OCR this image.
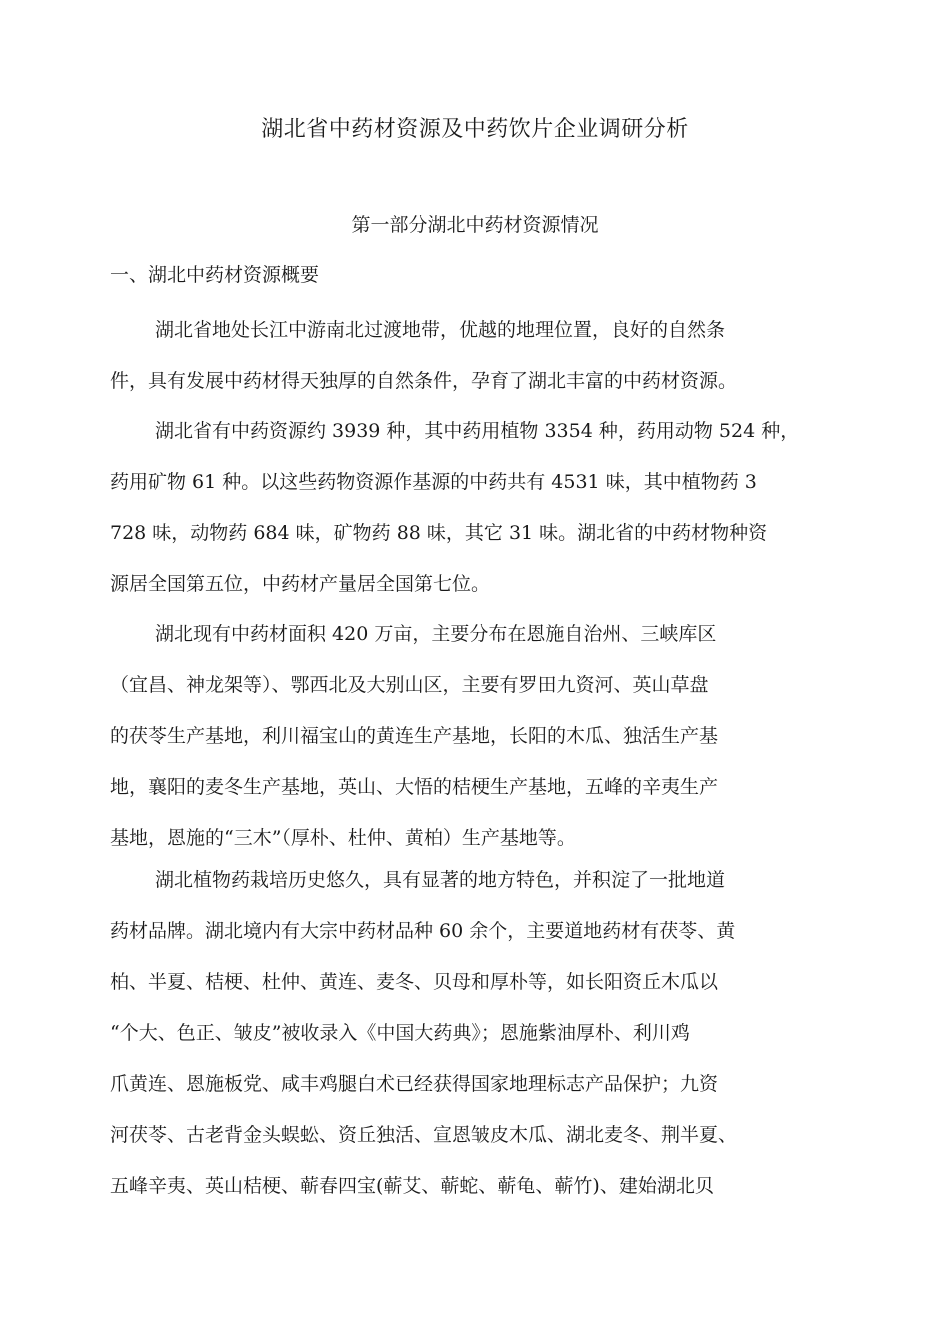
湖北省中药材资源及中药饮片企业调研分析
第一部分湖北中药材资源情况
一、湖北中药材资源概要
湖北省地处长江中游南北过渡地带，优越的地理位置，良好的自然条
件，具有发展中药材得天独厚的自然条件，孕育了湖北丰富的中药材资源。
湖北省有中药资源约 3939 种，其中药用植物 3354 种，药用动物 524 种，
药用矿物 61 种。以这些药物资源作基源的中药共有 4531 味，其中植物药 3
728 味，动物药 684 味，矿物药 88 味，其它 31 味。湖北省的中药材物种资
源居全国第五位，中药材产量居全国第七位。
湖北现有中药材面积 420 万亩，主要分布在恩施自治州、三峡库区
（宜昌、神龙架等）、鄂西北及大别山区，主要有罗田九资河、英山草盘
的茯苓生产基地，利川福宝山的黄连生产基地，长阳的木瓜、独活生产基
地，襄阳的麦冬生产基地，英山、大悟的桔梗生产基地，五峰的辛夷生产
基地，恩施的“三木”（厚朴、杜仲、黄柏）生产基地等。
湖北植物药栽培历史悠久，具有显著的地方特色，并积淀了一批地道
药材品牌。湖北境内有大宗中药材品种 60 余个，主要道地药材有茯苓、黄
柏、半夏、桔梗、杜仲、黄连、麦冬、贝母和厚朴等，如长阳资丘木瓜以
“个大、色正、皱皮”被收录入《中国大药典》；恩施紫油厚朴、利川鸡
爪黄连、恩施板党、咸丰鸡腿白术已经获得国家地理标志产品保护；九资
河茯苓、古老背金头蜈蚣、资丘独活、宣恩皱皮木瓜、湖北麦冬、荆半夏、
五峰辛夷、英山桔梗、蕲春四宝(蕲艾、蕲蛇、蕲龟、蕲竹)、建始湖北贝
